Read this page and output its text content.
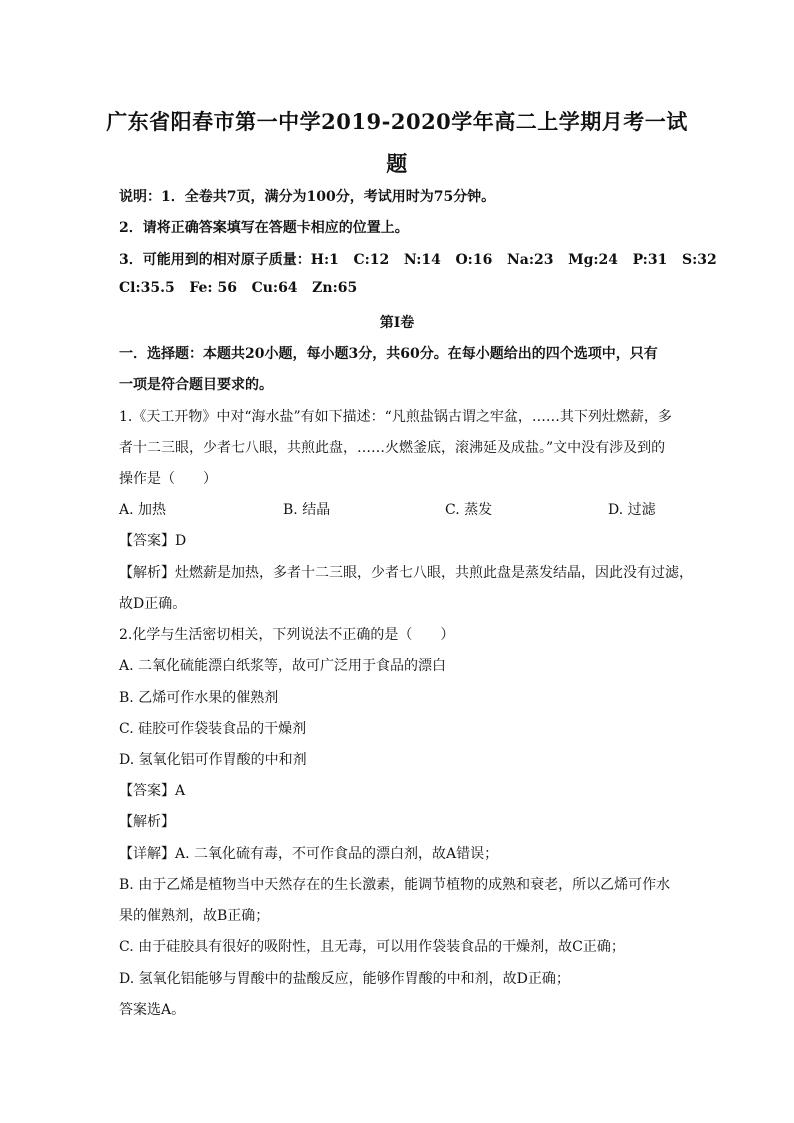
广东省阳春市第一中学2019-2020学年高二上学期月考一试
题
说明：1．全卷共7页，满分为100分，考试用时为75分钟。
2．请将正确答案填写在答题卡相应的位置上。
3．可能用到的相对原子质量：H:1   C:12   N:14   O:16   Na:23   Mg:24   P:31   S:32
Cl:35.5   Fe: 56   Cu:64   Zn:65
第I卷
一．选择题：本题共20小题，每小题3分，共60分。在每小题给出的四个选项中，只有
一项是符合题目要求的。
1.《天工开物》中对“海水盐”有如下描述：“凡煎盐锅古谓之牢盆，……其下列灶燃薪，多
者十二三眼，少者七八眼，共煎此盘，……火燃釜底，滚沸延及成盐。”文中没有涉及到的
操作是（　　）
A. 加热	B. 结晶	C. 蒸发	D. 过滤
【答案】D
【解析】灶燃薪是加热，多者十二三眼，少者七八眼，共煎此盘是蒸发结晶，因此没有过滤，
故D正确。
2.化学与生活密切相关，下列说法不正确的是（　　）
A. 二氧化硫能漂白纸浆等，故可广泛用于食品的漂白
B. 乙烯可作水果的催熟剂
C. 硅胶可作袋装食品的干燥剂
D. 氢氧化铝可作胃酸的中和剂
【答案】A
【解析】
【详解】A. 二氧化硫有毒，不可作食品的漂白剂，故A错误；
B. 由于乙烯是植物当中天然存在的生长激素，能调节植物的成熟和衰老，所以乙烯可作水
果的催熟剂，故B正确；
C. 由于硅胶具有很好的吸附性，且无毒，可以用作袋装食品的干燥剂，故C正确；
D. 氢氧化铝能够与胃酸中的盐酸反应，能够作胃酸的中和剂，故D正确；
答案选A。
